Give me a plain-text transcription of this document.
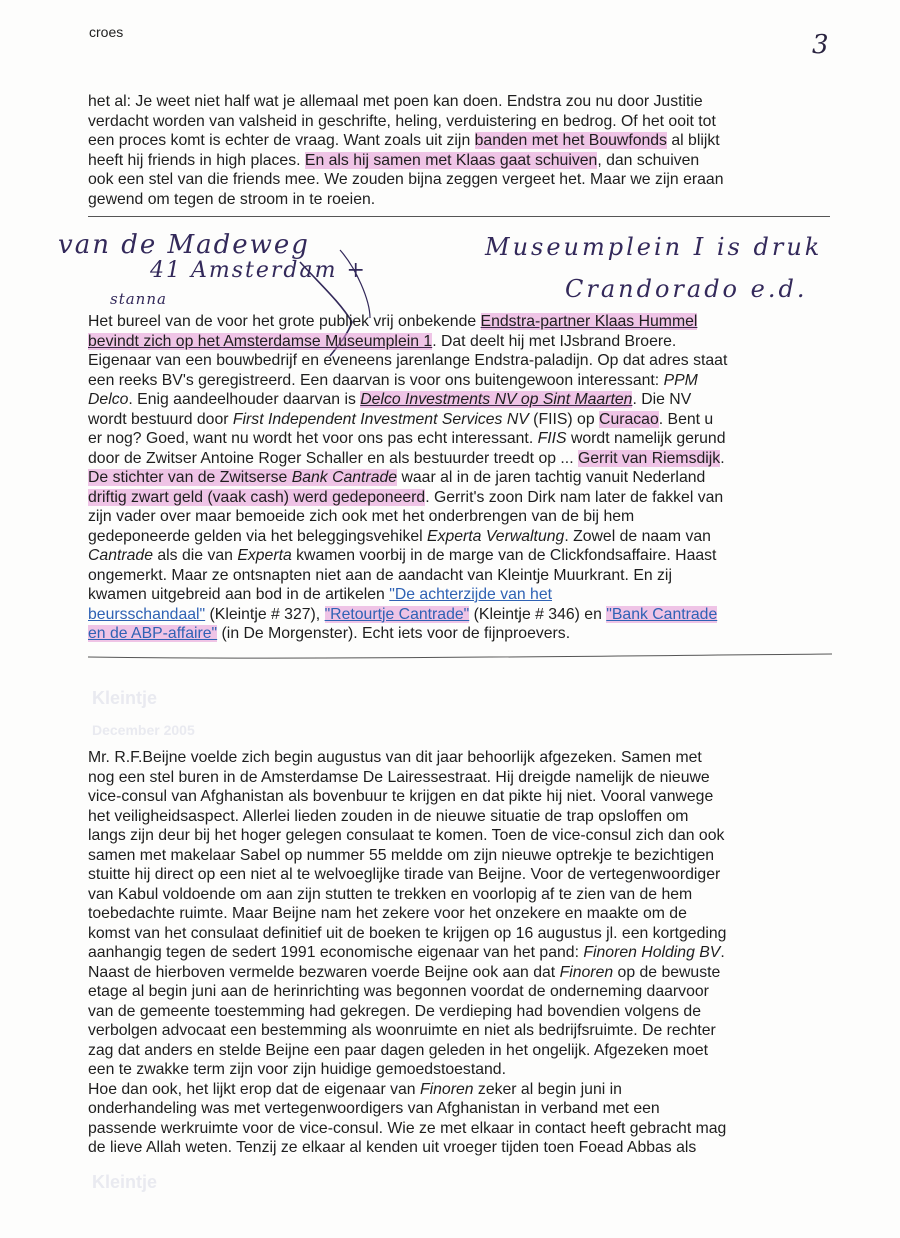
croes	3
het al: Je weet niet half wat je allemaal met poen kan doen. Endstra zou nu door Justitie
verdacht worden van valsheid in geschrifte, heling, verduistering en bedrog. Of het ooit tot
een proces komt is echter de vraag. Want zoals uit zijn banden met het Bouwfonds al blijkt
heeft hij friends in high places. En als hij samen met Klaas gaat schuiven, dan schuiven
ook een stel van die friends mee. We zouden bijna zeggen vergeet het. Maar we zijn eraan
gewend om tegen de stroom in te roeien.
van de Madeweg
41 Amsterdam +
stanna
Museumplein I is druk
Crandorado e.d.
Het bureel van de voor het grote publiek vrij onbekende Endstra-partner Klaas Hummel
bevindt zich op het Amsterdamse Museumplein 1. Dat deelt hij met IJsbrand Broere.
Eigenaar van een bouwbedrijf en eveneens jarenlange Endstra-paladijn. Op dat adres staat
een reeks BV's geregistreerd. Een daarvan is voor ons buitengewoon interessant: PPM
Delco. Enig aandeelhouder daarvan is Delco Investments NV op Sint Maarten. Die NV
wordt bestuurd door First Independent Investment Services NV (FIIS) op Curacao. Bent u
er nog? Goed, want nu wordt het voor ons pas echt interessant. FIIS wordt namelijk gerund
door de Zwitser Antoine Roger Schaller en als bestuurder treedt op ... Gerrit van Riemsdijk.
De stichter van de Zwitserse Bank Cantrade waar al in de jaren tachtig vanuit Nederland
driftig zwart geld (vaak cash) werd gedeponeerd. Gerrit's zoon Dirk nam later de fakkel van
zijn vader over maar bemoeide zich ook met het onderbrengen van de bij hem
gedeponeerde gelden via het beleggingsvehikel Experta Verwaltung. Zowel de naam van
Cantrade als die van Experta kwamen voorbij in de marge van de Clickfondsaffaire. Haast
ongemerkt. Maar ze ontsnapten niet aan de aandacht van Kleintje Muurkrant. En zij
kwamen uitgebreid aan bod in de artikelen "De achterzijde van het
beursschandaal" (Kleintje # 327), "Retourtje Cantrade" (Kleintje # 346) en "Bank Cantrade
en de ABP-affaire" (in De Morgenster). Echt iets voor de fijnproevers.
Kleintje
December 2005
Kleintje
Mr. R.F.Beijne voelde zich begin augustus van dit jaar behoorlijk afgezeken. Samen met
nog een stel buren in de Amsterdamse De Lairessestraat. Hij dreigde namelijk de nieuwe
vice-consul van Afghanistan als bovenbuur te krijgen en dat pikte hij niet. Vooral vanwege
het veiligheidsaspect. Allerlei lieden zouden in de nieuwe situatie de trap opsloffen om
langs zijn deur bij het hoger gelegen consulaat te komen. Toen de vice-consul zich dan ook
samen met makelaar Sabel op nummer 55 meldde om zijn nieuwe optrekje te bezichtigen
stuitte hij direct op een niet al te welvoeglijke tirade van Beijne. Voor de vertegenwoordiger
van Kabul voldoende om aan zijn stutten te trekken en voorlopig af te zien van de hem
toebedachte ruimte. Maar Beijne nam het zekere voor het onzekere en maakte om de
komst van het consulaat definitief uit de boeken te krijgen op 16 augustus jl. een kortgeding
aanhangig tegen de sedert 1991 economische eigenaar van het pand: Finoren Holding BV.
Naast de hierboven vermelde bezwaren voerde Beijne ook aan dat Finoren op de bewuste
etage al begin juni aan de herinrichting was begonnen voordat de onderneming daarvoor
van de gemeente toestemming had gekregen. De verdieping had bovendien volgens de
verbolgen advocaat een bestemming als woonruimte en niet als bedrijfsruimte. De rechter
zag dat anders en stelde Beijne een paar dagen geleden in het ongelijk. Afgezeken moet
een te zwakke term zijn voor zijn huidige gemoedstoestand.
Hoe dan ook, het lijkt erop dat de eigenaar van Finoren zeker al begin juni in
onderhandeling was met vertegenwoordigers van Afghanistan in verband met een
passende werkruimte voor de vice-consul. Wie ze met elkaar in contact heeft gebracht mag
de lieve Allah weten. Tenzij ze elkaar al kenden uit vroeger tijden toen Foead Abbas als
